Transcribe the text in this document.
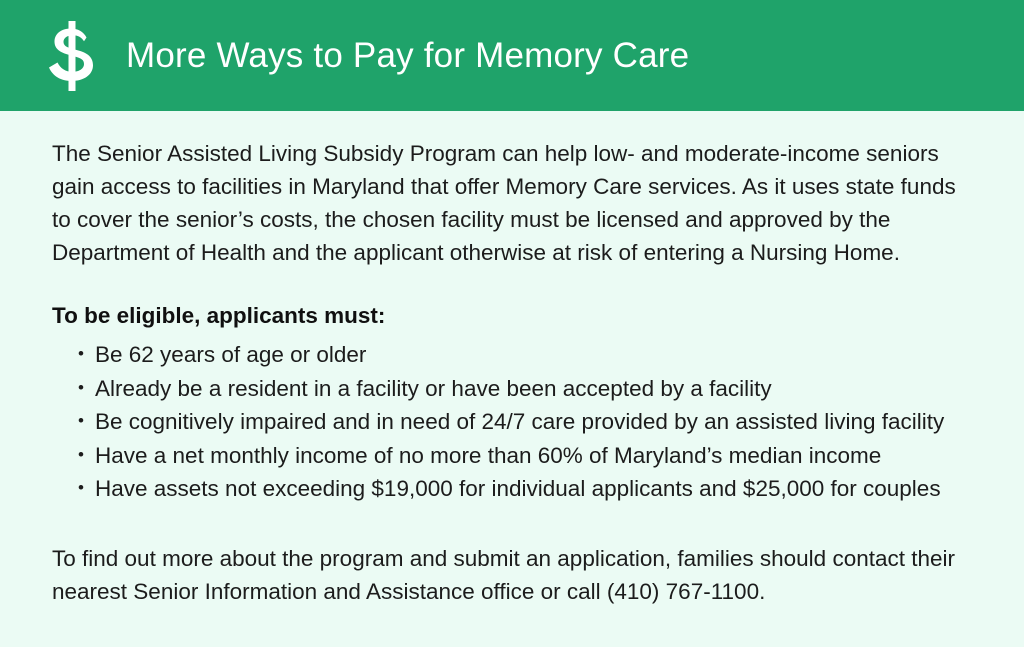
More Ways to Pay for Memory Care

The Senior Assisted Living Subsidy Program can help low- and moderate-income seniors gain access to facilities in Maryland that offer Memory Care services. As it uses state funds to cover the senior’s costs, the chosen facility must be licensed and approved by the Department of Health and the applicant otherwise at risk of entering a Nursing Home.

To be eligible, applicants must:

• Be 62 years of age or older
• Already be a resident in a facility or have been accepted by a facility
• Be cognitively impaired and in need of 24/7 care provided by an assisted living facility
• Have a net monthly income of no more than 60% of Maryland’s median income
• Have assets not exceeding $19,000 for individual applicants and $25,000 for couples

To find out more about the program and submit an application, families should contact their nearest Senior Information and Assistance office or call (410) 767-1100.
